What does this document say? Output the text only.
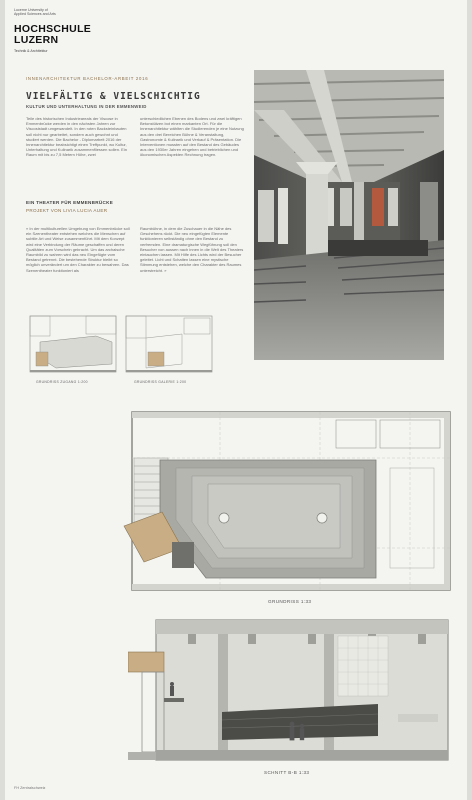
Lucerne University of
Applied Sciences and Arts
HOCHSCHULE
LUZERN
Technik & Architektur
INNENARCHITEKTUR BACHELOR-ARBEIT 2016
VIELFÄLTIG & VIELSCHICHTIG
KULTUR UND UNTERHALTUNG IN DER EMMENWEID
Teile des historischen Industrieareals der Viscose in Emmenbrücke werden in den nächsten Jahren zur Viscosistadt umgewandelt. In den roten Backsteinbauten soll nicht nur gearbeitet, sondern auch gewohnt und studiert werden. Die Bachelor - Diplomarbeit 2016 der Innenarchitektur beabsichtigt einen Treffpunkt, wo Kultur, Unterhaltung und Kulinarik zusammenfliessen sollen. Ein Raum mit bis zu 7,5 Metern Höhe, zwei
unterschiedlichen Ebenen des Bodens und zwei kräftigen Betonstützen bot einen markanten Ort. Für die Innenarchitektur wählten die Studierenden je eine Nutzung aus den drei Bereichen Bühne & Veranstaltung, Gastronomie & Kulinarik und Verkauf & Präsentation. Die Interventionen mussten auf den Bestand des Gebäudes aus den 1930er Jahren eingehen und betrieblichen und ökonomischen Aspekten Rechnung tragen.
EIN THEATER FÜR EMMENBRÜCKE
PROJEKT VON LIVIA LUCIA AUER
« In der multikulturellen Umgebung von Emmenbrücke soll ein Szenentheater entstehen welches die Menschen auf subtile Art und Weise zusammenführt. Mit dem Konzept wird eine Verbindung der Räume geschaffen und deren Qualitäten zum Vorschein gebracht. Um das archaische Raumbild zu wahren wird das neu Eingefügte vom Bestand getrennt. Die bestehende Struktur bleibt so möglich unverändert um den Charakter zu bewahren. Das Szenentheater funktioniert als
Raumbühne, in dem die Zuschauer in die Nähe des Geschehens rückt. Die neu eingefügten Elemente funktionieren selbständig ohne den Bestand zu verfremden. Eine dramaturgische Wegführung soll den Besucher von aussen nach innen in die Welt des Theaters eintauchen lassen. Mit Hilfe des Lichts wird der Besucher geleitet. Licht und Schatten lassen eine mystische Stimmung entstehen, welche den Charakter des Raumes unterstreicht. »
GRUNDRISS ZUGANG 1:200	GRUNDRISS GALERIE 1:200
GRUNDRISS 1:33
SCHNITT B-B 1:33
FH Zentralschweiz
